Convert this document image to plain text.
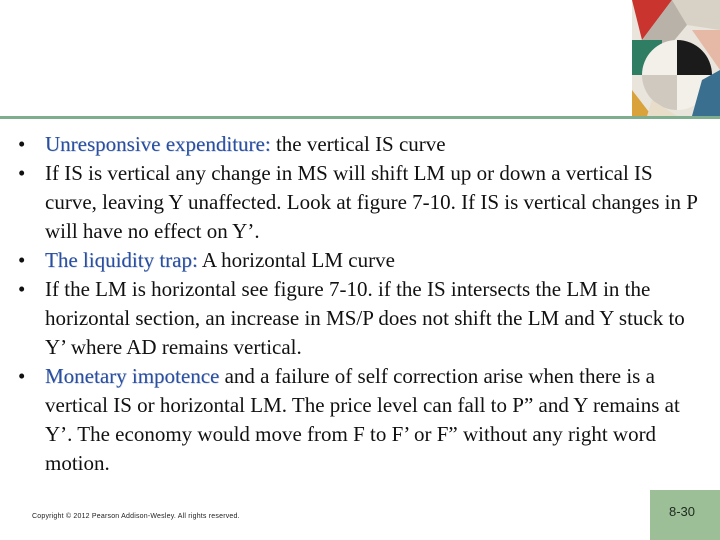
• Unresponsive expenditure: the vertical IS curve
• If IS is vertical any change in MS will shift LM up or down a vertical IS curve, leaving Y unaffected. Look at figure 7-10. If IS is vertical changes in P will have no effect on Y’.
• The liquidity trap: A horizontal LM curve
• If the LM is horizontal see figure 7-10. if the IS intersects the LM in the horizontal section, an increase in MS/P does not shift the LM and Y stuck to Y’ where AD remains vertical.
• Monetary impotence and a failure of self correction arise when there is a vertical IS or horizontal LM. The price level can fall to P” and Y remains at Y’. The economy would move from F to F’ or F” without any right word motion.
Copyright © 2012 Pearson Addison-Wesley. All rights reserved.	8-30
